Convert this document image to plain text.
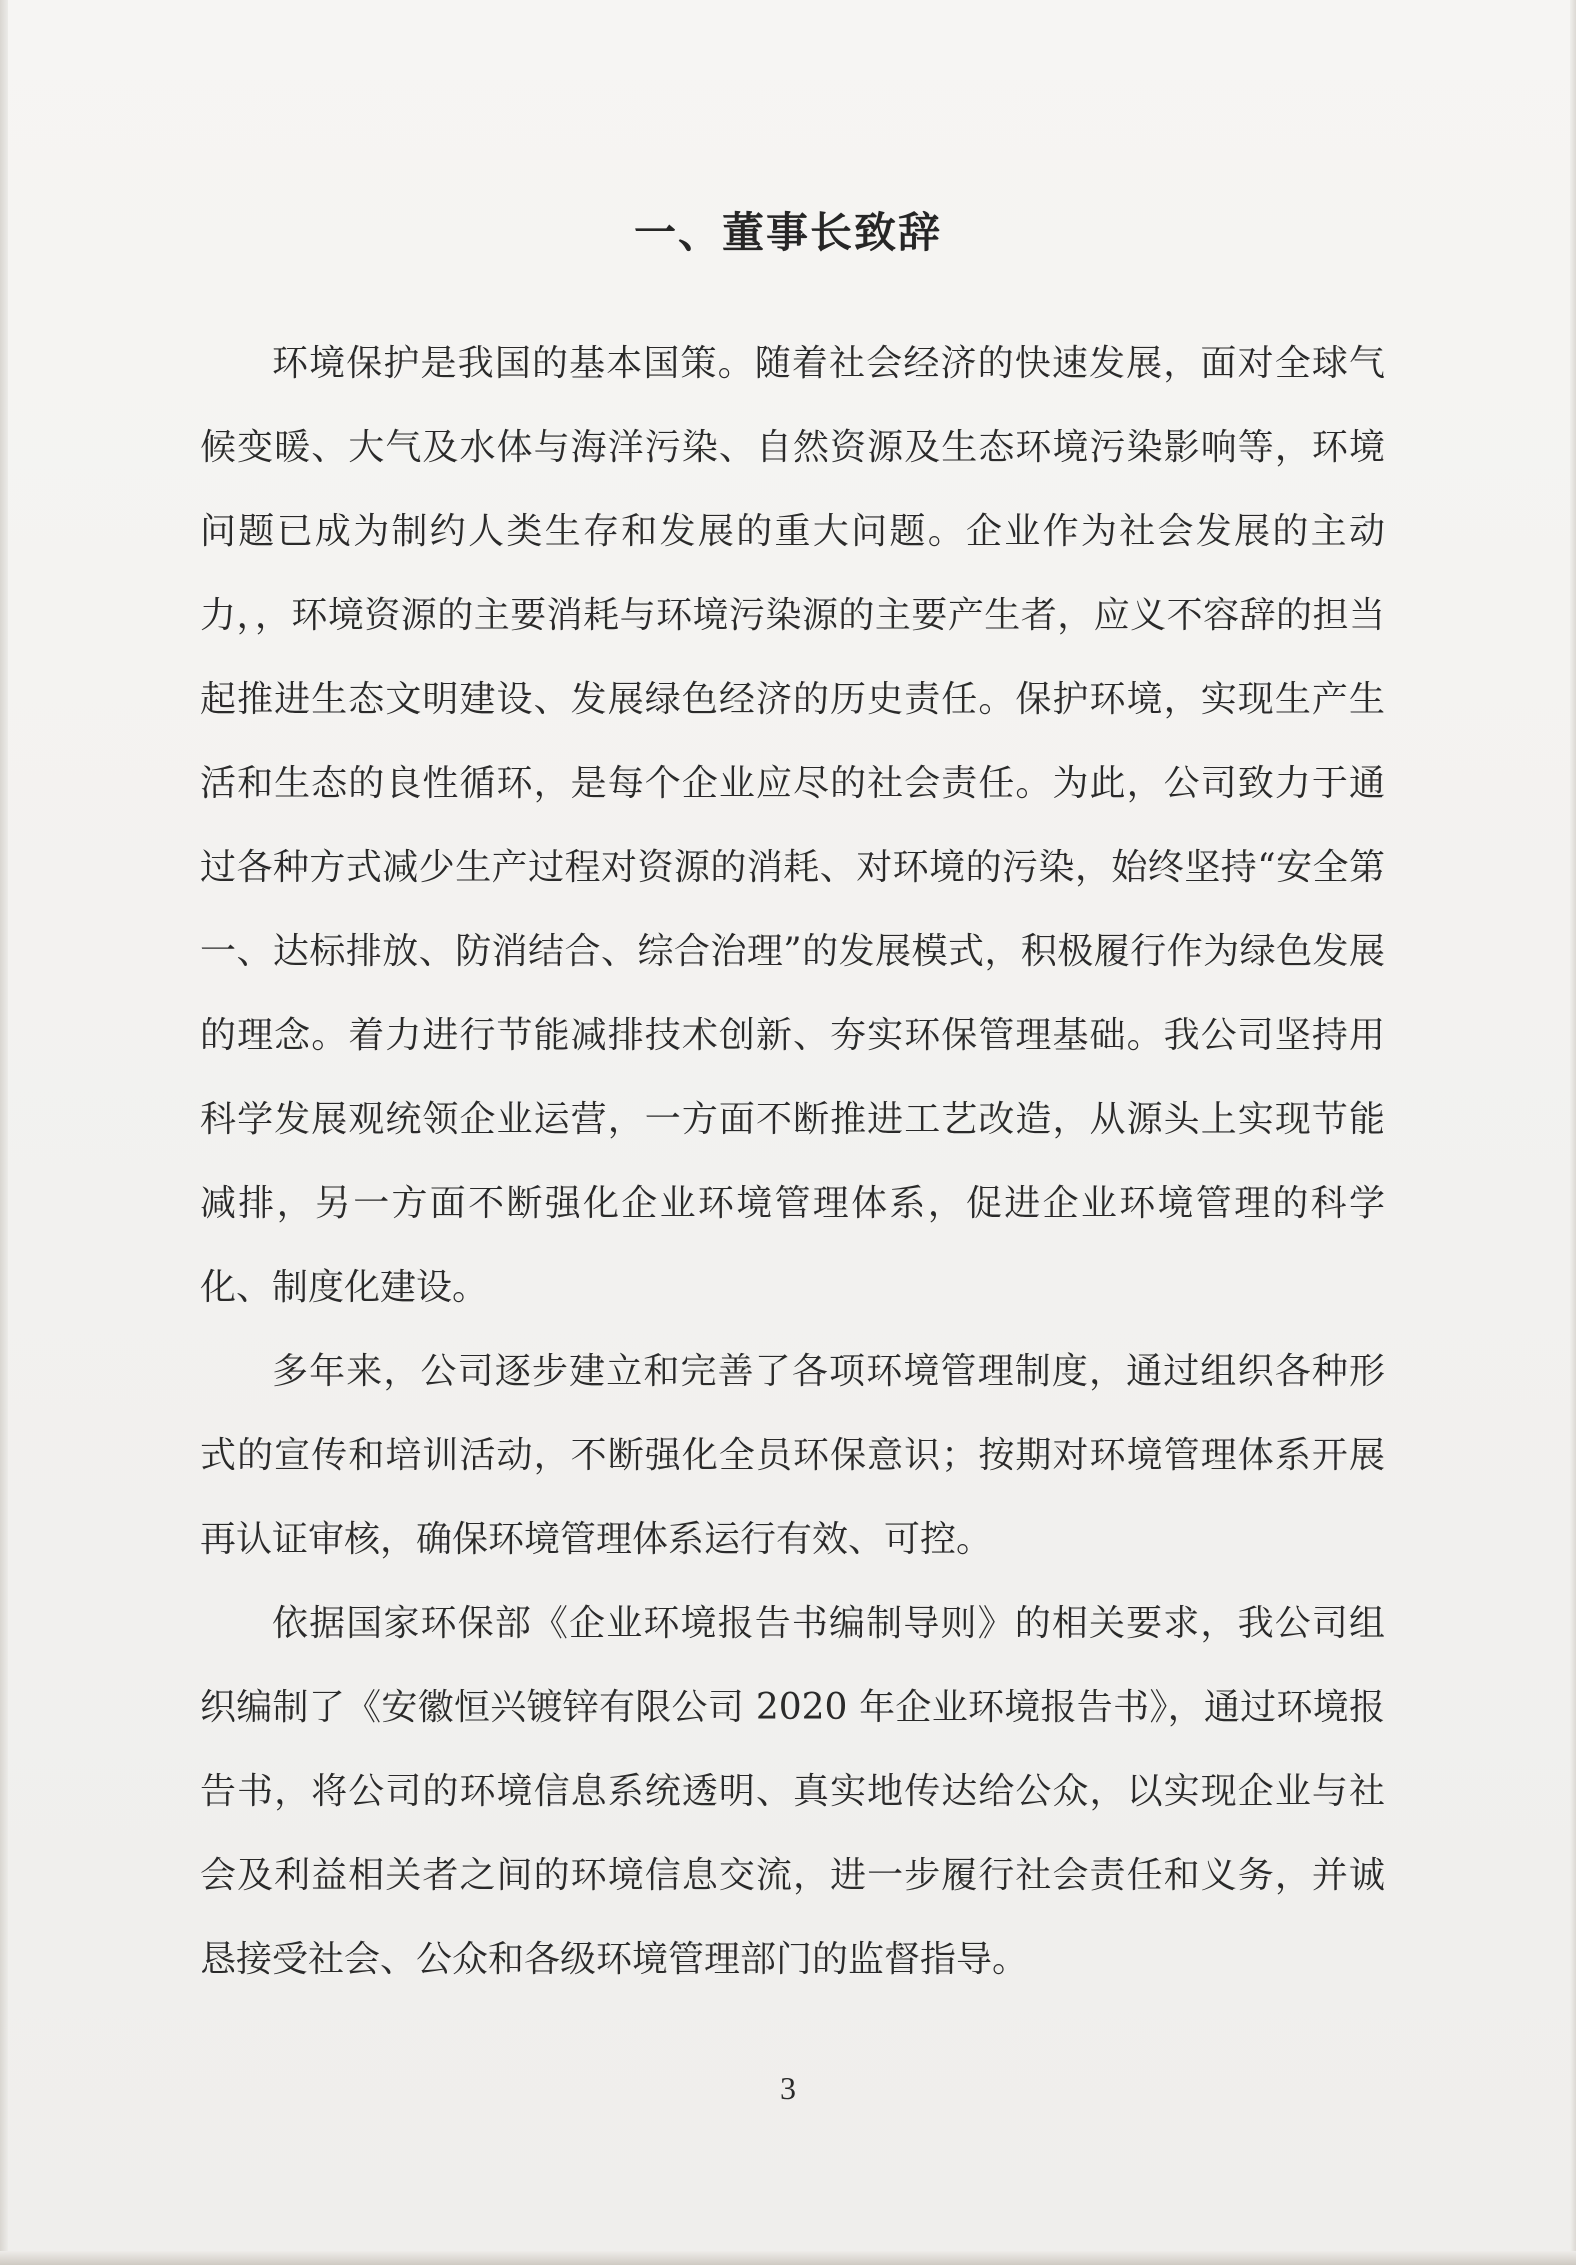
一、董事长致辞

环境保护是我国的基本国策。随着社会经济的快速发展，面对全球气候变暖、大气及水体与海洋污染、自然资源及生态环境污染影响等，环境问题已成为制约人类生存和发展的重大问题。企业作为社会发展的主动力，，环境资源的主要消耗与环境污染源的主要产生者，应义不容辞的担当起推进生态文明建设、发展绿色经济的历史责任。保护环境，实现生产生活和生态的良性循环，是每个企业应尽的社会责任。为此，公司致力于通过各种方式减少生产过程对资源的消耗、对环境的污染，始终坚持“安全第一、达标排放、防消结合、综合治理”的发展模式，积极履行作为绿色发展的理念。着力进行节能减排技术创新、夯实环保管理基础。我公司坚持用科学发展观统领企业运营，一方面不断推进工艺改造，从源头上实现节能减排，另一方面不断强化企业环境管理体系，促进企业环境管理的科学化、制度化建设。

多年来，公司逐步建立和完善了各项环境管理制度，通过组织各种形式的宣传和培训活动，不断强化全员环保意识；按期对环境管理体系开展再认证审核，确保环境管理体系运行有效、可控。

依据国家环保部《企业环境报告书编制导则》的相关要求，我公司组织编制了《安徽恒兴镀锌有限公司 2020 年企业环境报告书》，通过环境报告书，将公司的环境信息系统透明、真实地传达给公众，以实现企业与社会及利益相关者之间的环境信息交流，进一步履行社会责任和义务，并诚恳接受社会、公众和各级环境管理部门的监督指导。

3
